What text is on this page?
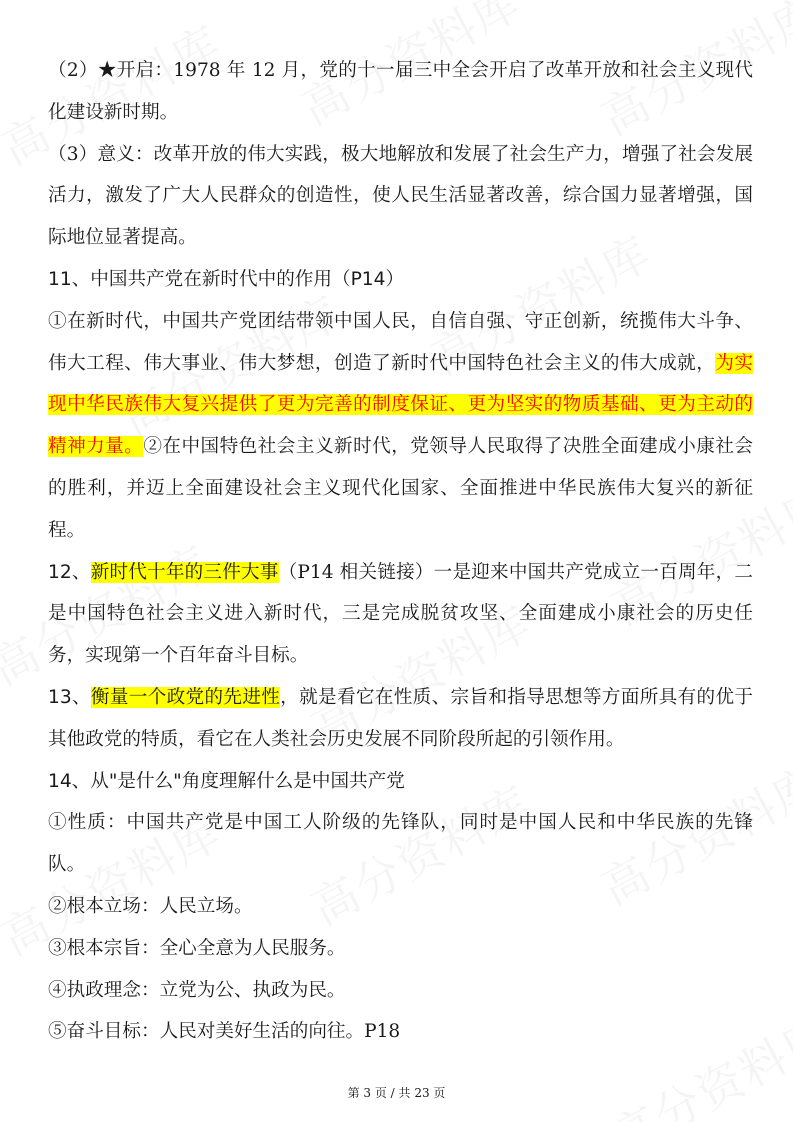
（2）★开启：1978 年 12 月，党的十一届三中全会开启了改革开放和社会主义现代化建设新时期。

（3）意义：改革开放的伟大实践，极大地解放和发展了社会生产力，增强了社会发展活力，激发了广大人民群众的创造性，使人民生活显著改善，综合国力显著增强，国际地位显著提高。

11、中国共产党在新时代中的作用（P14）

①在新时代，中国共产党团结带领中国人民，自信自强、守正创新，统揽伟大斗争、伟大工程、伟大事业、伟大梦想，创造了新时代中国特色社会主义的伟大成就，为实现中华民族伟大复兴提供了更为完善的制度保证、更为坚实的物质基础、更为主动的精神力量。②在中国特色社会主义新时代，党领导人民取得了决胜全面建成小康社会的胜利，并迈上全面建设社会主义现代化国家、全面推进中华民族伟大复兴的新征程。

12、新时代十年的三件大事（P14 相关链接）一是迎来中国共产党成立一百周年，二是中国特色社会主义进入新时代，三是完成脱贫攻坚、全面建成小康社会的历史任务，实现第一个百年奋斗目标。

13、衡量一个政党的先进性，就是看它在性质、宗旨和指导思想等方面所具有的优于其他政党的特质，看它在人类社会历史发展不同阶段所起的引领作用。

14、从"是什么"角度理解什么是中国共产党

①性质：中国共产党是中国工人阶级的先锋队，同时是中国人民和中华民族的先锋队。

②根本立场：人民立场。

③根本宗旨：全心全意为人民服务。

④执政理念：立党为公、执政为民。

⑤奋斗目标：人民对美好生活的向往。P18

第 3 页 / 共 23 页
